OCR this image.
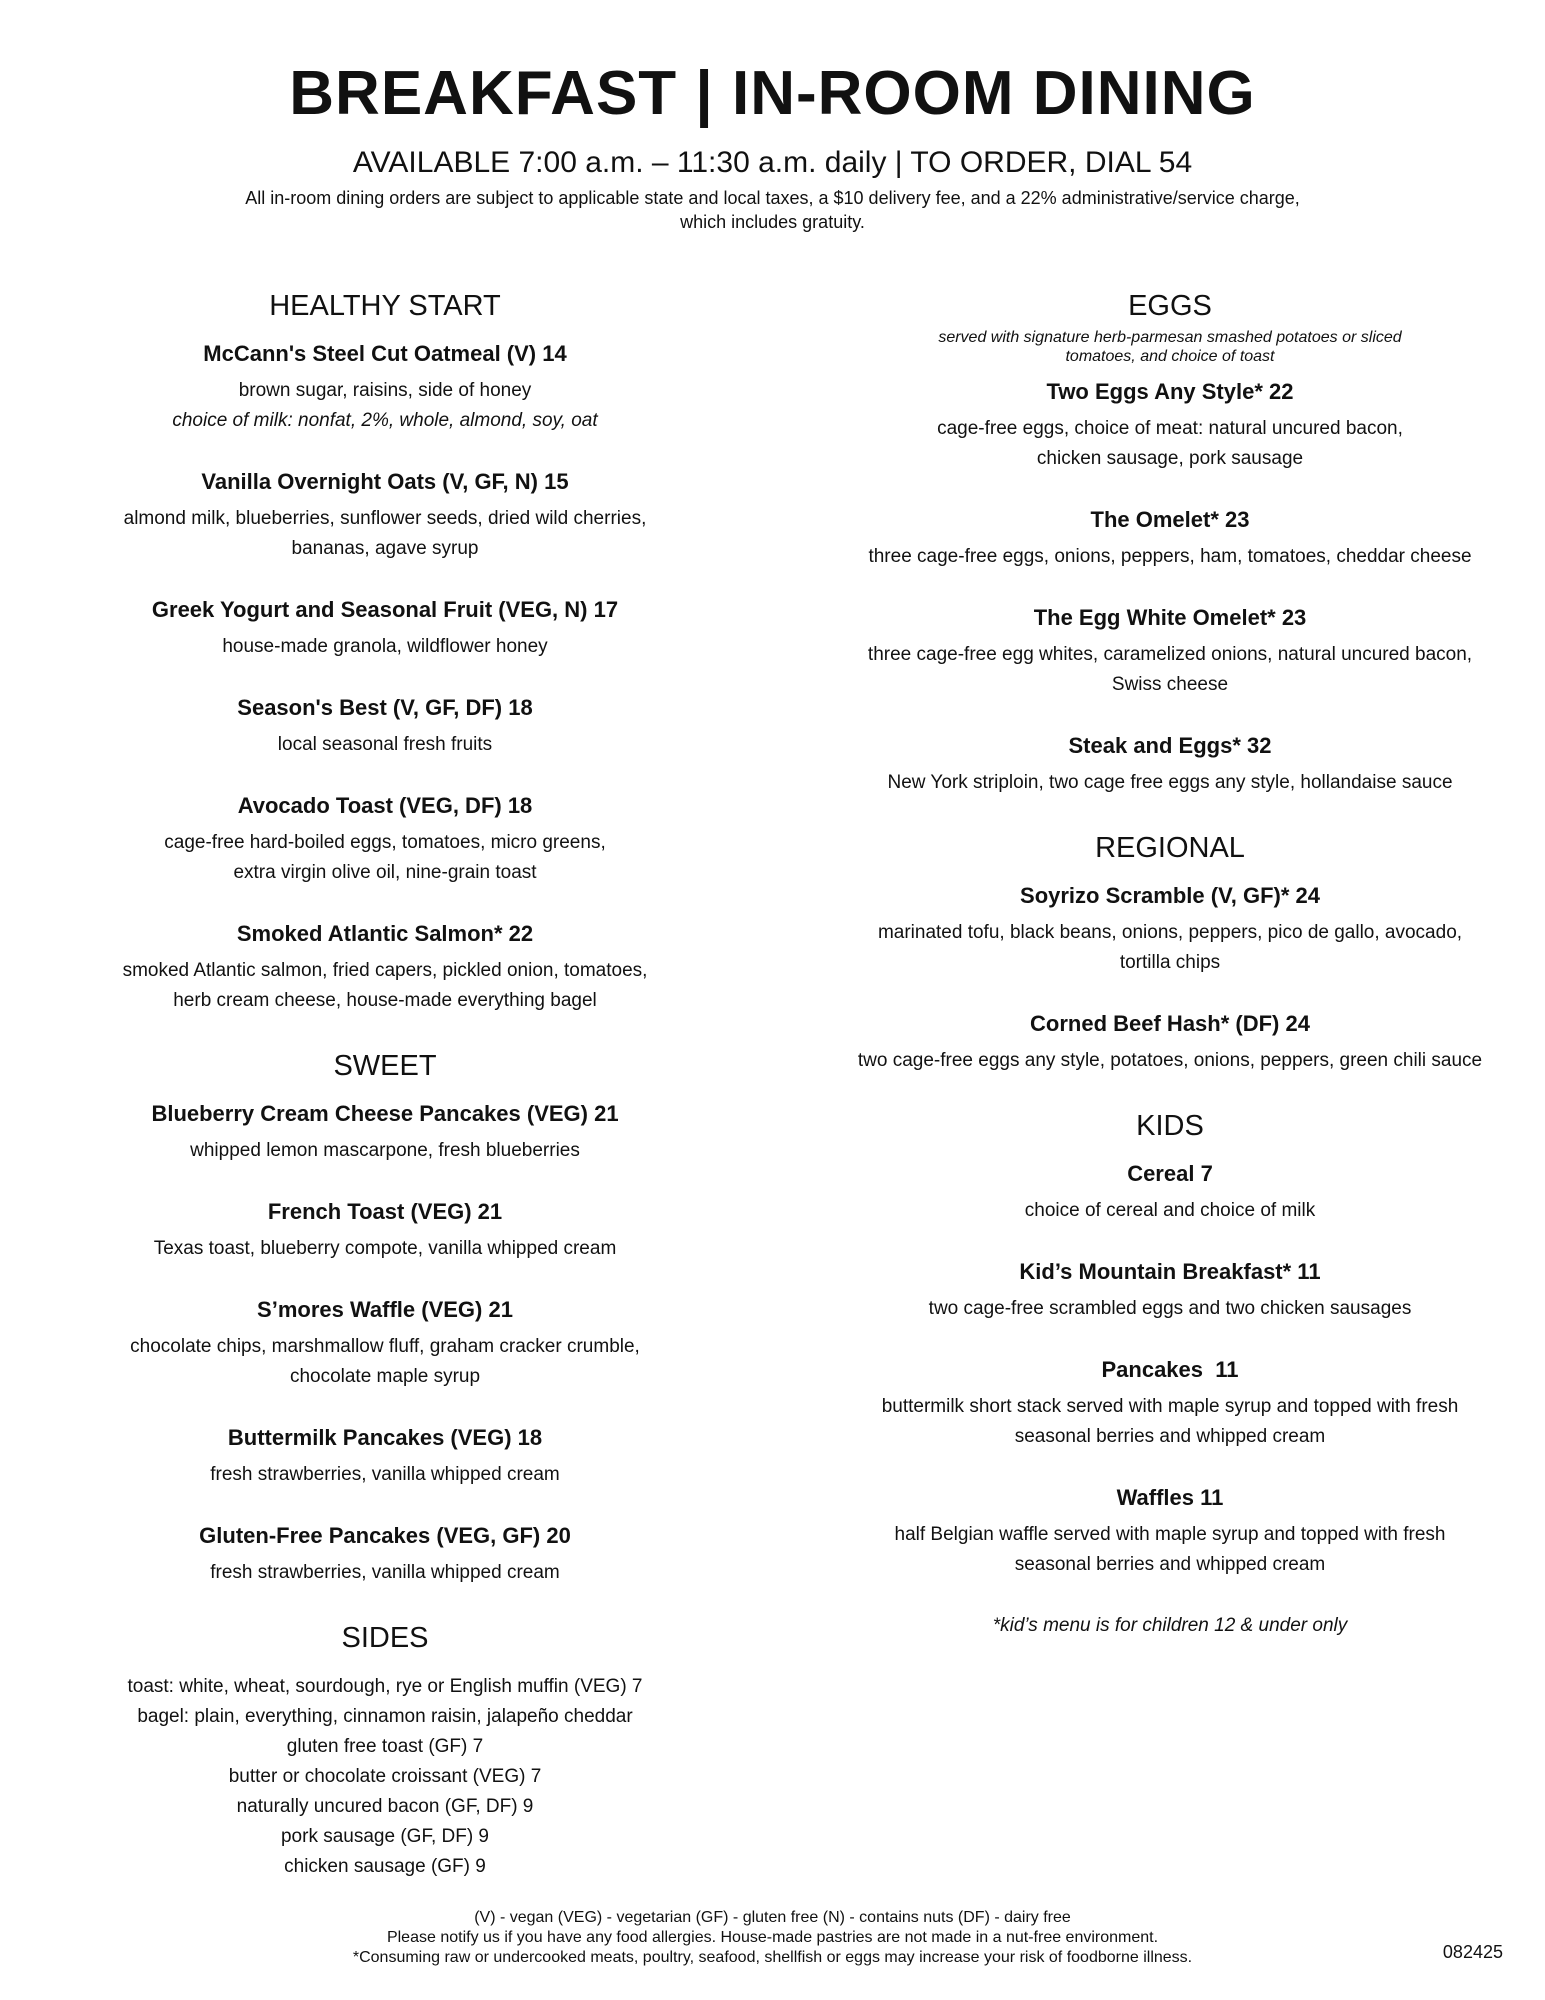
BREAKFAST | IN-ROOM DINING
AVAILABLE 7:00 a.m. – 11:30 a.m. daily | TO ORDER, DIAL 54
All in-room dining orders are subject to applicable state and local taxes, a $10 delivery fee, and a 22% administrative/service charge,
which includes gratuity.
HEALTHY START
McCann's Steel Cut Oatmeal (V) 14
brown sugar, raisins, side of honey
choice of milk: nonfat, 2%, whole, almond, soy, oat
Vanilla Overnight Oats (V, GF, N) 15
almond milk, blueberries, sunflower seeds, dried wild cherries,
bananas, agave syrup
Greek Yogurt and Seasonal Fruit (VEG, N) 17
house-made granola, wildflower honey
Season's Best (V, GF, DF) 18
local seasonal fresh fruits
Avocado Toast (VEG, DF) 18
cage-free hard-boiled eggs, tomatoes, micro greens,
extra virgin olive oil, nine-grain toast
Smoked Atlantic Salmon* 22
smoked Atlantic salmon, fried capers, pickled onion, tomatoes,
herb cream cheese, house-made everything bagel
SWEET
Blueberry Cream Cheese Pancakes (VEG) 21
whipped lemon mascarpone, fresh blueberries
French Toast (VEG) 21
Texas toast, blueberry compote, vanilla whipped cream
S’mores Waffle (VEG) 21
chocolate chips, marshmallow fluff, graham cracker crumble,
chocolate maple syrup
Buttermilk Pancakes (VEG) 18
fresh strawberries, vanilla whipped cream
Gluten-Free Pancakes (VEG, GF) 20
fresh strawberries, vanilla whipped cream
SIDES
toast: white, wheat, sourdough, rye or English muffin (VEG) 7
bagel: plain, everything, cinnamon raisin, jalapeño cheddar
gluten free toast (GF) 7
butter or chocolate croissant (VEG) 7
naturally uncured bacon (GF, DF) 9
pork sausage (GF, DF) 9
chicken sausage (GF) 9
EGGS
served with signature herb-parmesan smashed potatoes or sliced
tomatoes, and choice of toast
Two Eggs Any Style* 22
cage-free eggs, choice of meat: natural uncured bacon,
chicken sausage, pork sausage
The Omelet* 23
three cage-free eggs, onions, peppers, ham, tomatoes, cheddar cheese
The Egg White Omelet* 23
three cage-free egg whites, caramelized onions, natural uncured bacon,
Swiss cheese
Steak and Eggs* 32
New York striploin, two cage free eggs any style, hollandaise sauce
REGIONAL
Soyrizo Scramble (V, GF)* 24
marinated tofu, black beans, onions, peppers, pico de gallo, avocado,
tortilla chips
Corned Beef Hash* (DF) 24
two cage-free eggs any style, potatoes, onions, peppers, green chili sauce
KIDS
Cereal 7
choice of cereal and choice of milk
Kid’s Mountain Breakfast* 11
two cage-free scrambled eggs and two chicken sausages
Pancakes  11
buttermilk short stack served with maple syrup and topped with fresh
seasonal berries and whipped cream
Waffles 11
half Belgian waffle served with maple syrup and topped with fresh
seasonal berries and whipped cream
*kid’s menu is for children 12 & under only
(V) - vegan (VEG) - vegetarian (GF) - gluten free (N) - contains nuts (DF) - dairy free
Please notify us if you have any food allergies. House-made pastries are not made in a nut-free environment.
*Consuming raw or undercooked meats, poultry, seafood, shellfish or eggs may increase your risk of foodborne illness.	082425
